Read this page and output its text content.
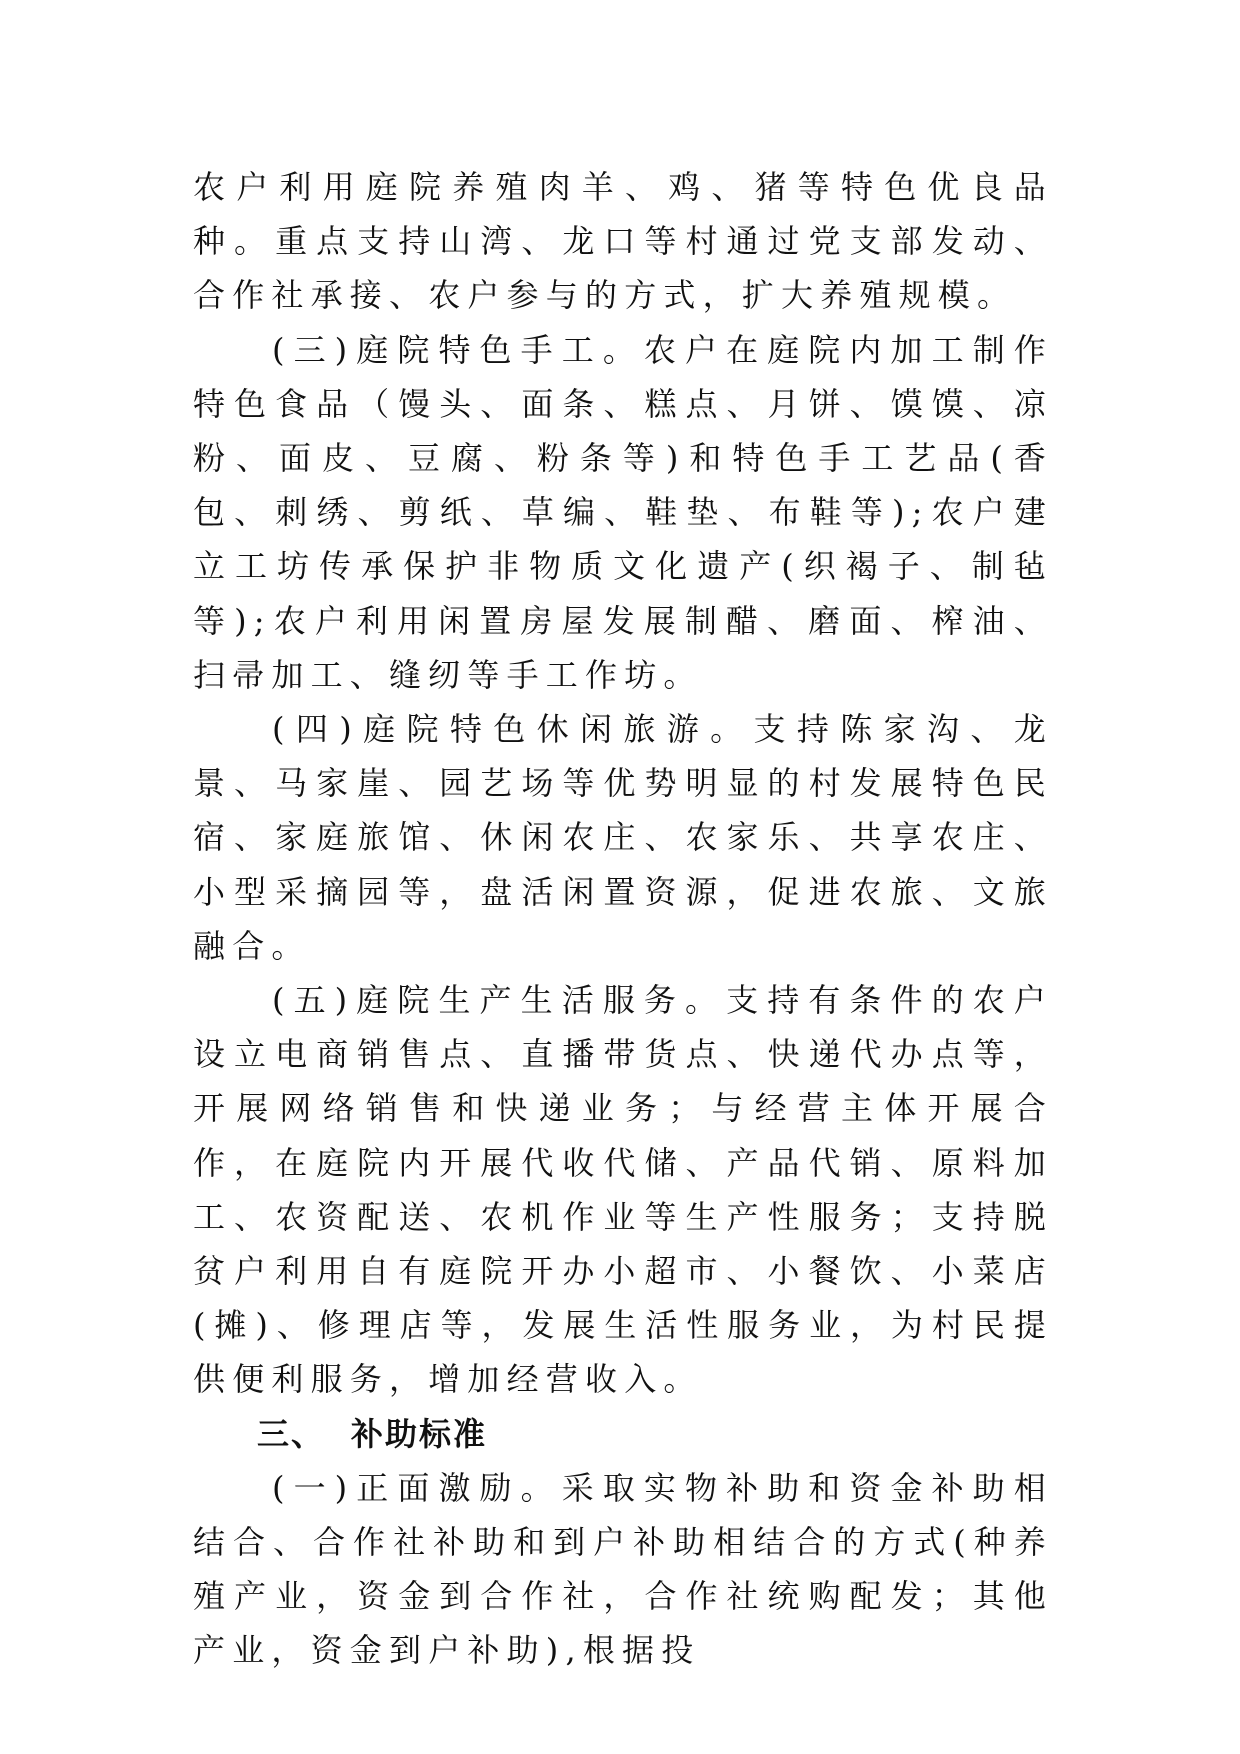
农户利用庭院养殖肉羊、鸡、猪等特色优良品种。重点支持山湾、龙口等村通过党支部发动、合作社承接、农户参与的方式，扩大养殖规模。

(三)庭院特色手工。农户在庭院内加工制作特色食品（馒头、面条、糕点、月饼、馍馍、凉粉、面皮、豆腐、粉条等)和特色手工艺品(香包、刺绣、剪纸、草编、鞋垫、布鞋等);农户建立工坊传承保护非物质文化遗产(织褐子、制毡等);农户利用闲置房屋发展制醋、磨面、榨油、扫帚加工、缝纫等手工作坊。

(四)庭院特色休闲旅游。支持陈家沟、龙景、马家崖、园艺场等优势明显的村发展特色民宿、家庭旅馆、休闲农庄、农家乐、共享农庄、小型采摘园等，盘活闲置资源，促进农旅、文旅融合。

(五)庭院生产生活服务。支持有条件的农户设立电商销售点、直播带货点、快递代办点等，开展网络销售和快递业务；与经营主体开展合作，在庭院内开展代收代储、产品代销、原料加工、农资配送、农机作业等生产性服务；支持脱贫户利用自有庭院开办小超市、小餐饮、小菜店(摊)、修理店等，发展生活性服务业，为村民提供便利服务，增加经营收入。

三、 补助标准

(一)正面激励。采取实物补助和资金补助相结合、合作社补助和到户补助相结合的方式(种养殖产业，资金到合作社，合作社统购配发；其他产业，资金到户补助),根据投
